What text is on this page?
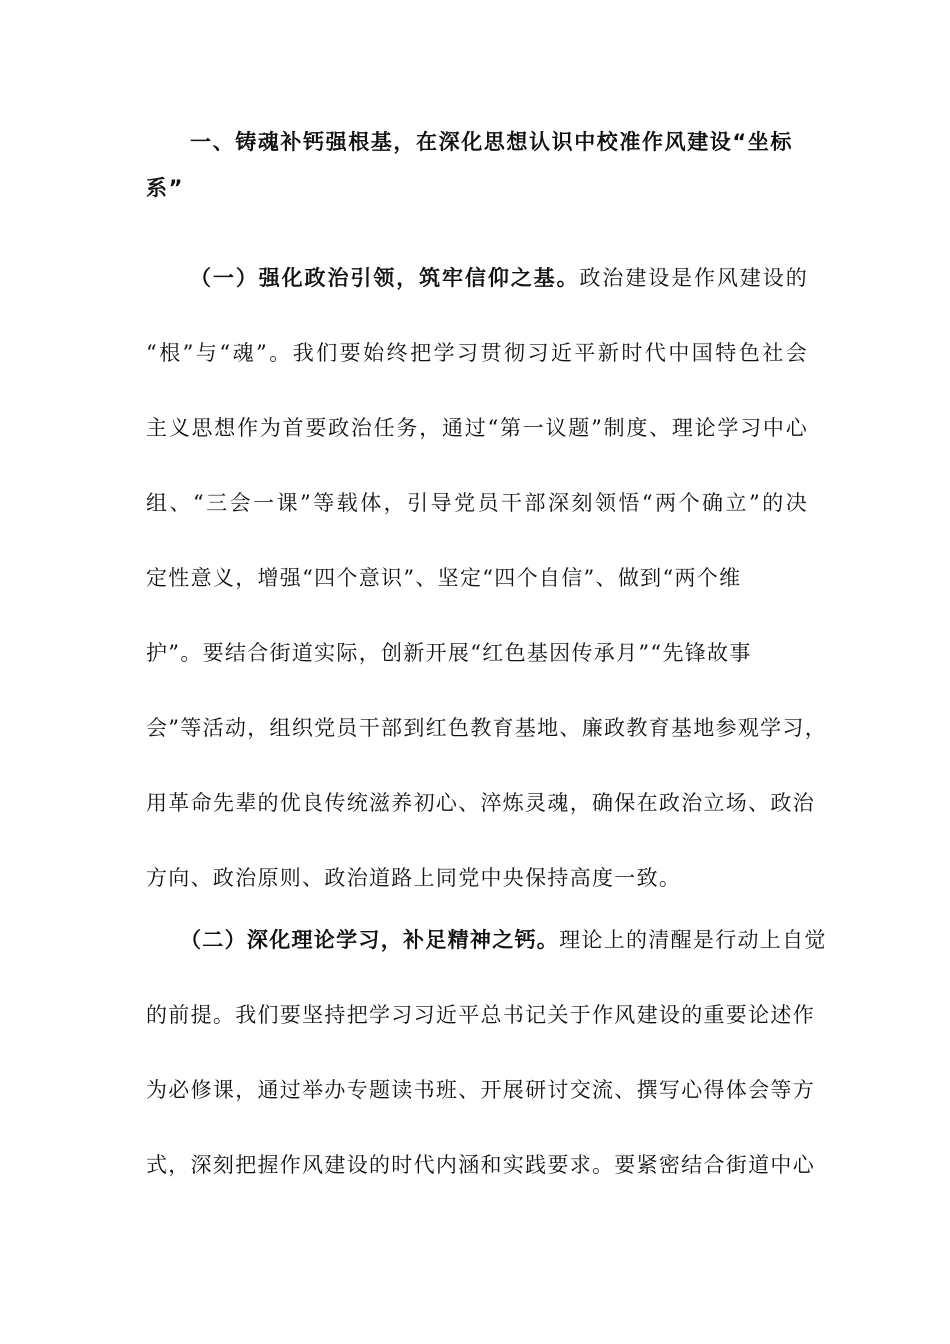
一、铸魂补钙强根基，在深化思想认识中校准作风建设“坐标
系”
（一）强化政治引领，筑牢信仰之基。政治建设是作风建设的
“根”与“魂”。我们要始终把学习贯彻习近平新时代中国特色社会
主义思想作为首要政治任务，通过“第一议题”制度、理论学习中心
组、“三会一课”等载体，引导党员干部深刻领悟“两个确立”的决
定性意义，增强“四个意识”、坚定“四个自信”、做到“两个维
护”。要结合街道实际，创新开展“红色基因传承月”“先锋故事
会”等活动，组织党员干部到红色教育基地、廉政教育基地参观学习，
用革命先辈的优良传统滋养初心、淬炼灵魂，确保在政治立场、政治
方向、政治原则、政治道路上同党中央保持高度一致。
（二）深化理论学习，补足精神之钙。理论上的清醒是行动上自觉
的前提。我们要坚持把学习习近平总书记关于作风建设的重要论述作
为必修课，通过举办专题读书班、开展研讨交流、撰写心得体会等方
式，深刻把握作风建设的时代内涵和实践要求。要紧密结合街道中心
